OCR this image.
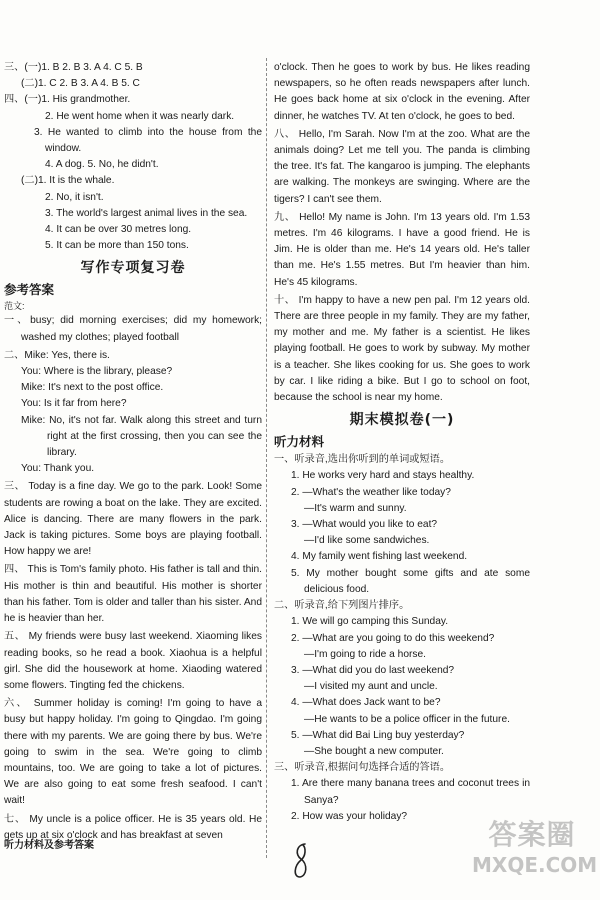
三、(一)1. B 2. B 3. A 4. C 5. B

(二)1. C 2. B 3. A 4. B 5. C

四、(一)1. His grandmother.

2. He went home when it was nearly dark.

3. He wanted to climb into the house from the window.

4. A dog. 5. No, he didn't.

(二)1. It is the whale.

2. No, it isn't.

3. The world's largest animal lives in the sea.

4. It can be over 30 metres long.

5. It can be more than 150 tons.

写作专项复习卷
参考答案

范文:

一、busy; did morning exercises; did my homework; washed my clothes; played football

二、Mike: Yes, there is.

You: Where is the library, please?

Mike: It's next to the post office.

You: Is it far from here?

Mike: No, it's not far. Walk along this street and turn right at the first crossing, then you can see the library.

You: Thank you.

三、 Today is a fine day. We go to the park. Look! Some students are rowing a boat on the lake. They are excited. Alice is dancing. There are many flowers in the park. Jack is taking pictures. Some boys are playing football. How happy we are!

四、 This is Tom's family photo. His father is tall and thin. His mother is thin and beautiful. His mother is shorter than his father. Tom is older and taller than his sister. And he is heavier than her.

五、 My friends were busy last weekend. Xiaoming likes reading books, so he read a book. Xiaohua is a helpful girl. She did the housework at home. Xiaoding watered some flowers. Tingting fed the chickens.

六、 Summer holiday is coming! I'm going to have a busy but happy holiday. I'm going to Qingdao. I'm going there with my parents. We are going there by bus. We're going to swim in the sea. We're going to climb mountains, too. We are going to take a lot of pictures. We are also going to eat some fresh seafood. I can't wait!

七、 My uncle is a police officer. He is 35 years old. He gets up at six o'clock and has breakfast at seven

o'clock. Then he goes to work by bus. He likes reading newspapers, so he often reads newspapers after lunch. He goes back home at six o'clock in the evening. After dinner, he watches TV. At ten o'clock, he goes to bed.

八、 Hello, I'm Sarah. Now I'm at the zoo. What are the animals doing? Let me tell you. The panda is climbing the tree. It's fat. The kangaroo is jumping. The elephants are walking. The monkeys are swinging. Where are the tigers? I can't see them.

九、 Hello! My name is John. I'm 13 years old. I'm 1.53 metres. I'm 46 kilograms. I have a good friend. He is Jim. He is older than me. He's 14 years old. He's taller than me. He's 1.55 metres. But I'm heavier than him. He's 45 kilograms.

十、 I'm happy to have a new pen pal. I'm 12 years old. There are three people in my family. They are my father, my mother and me. My father is a scientist. He likes playing football. He goes to work by subway. My mother is a teacher. She likes cooking for us. She goes to work by car. I like riding a bike. But I go to school on foot, because the school is near my home.

期末模拟卷(一)
听力材料

一、听录音,选出你听到的单词或短语。

1. He works very hard and stays healthy.

2. —What's the weather like today?

—It's warm and sunny.

3. —What would you like to eat?

—I'd like some sandwiches.

4. My family went fishing last weekend.

5. My mother bought some gifts and ate some delicious food.

二、听录音,给下列图片排序。

1. We will go camping this Sunday.

2. —What are you going to do this weekend?

—I'm going to ride a horse.

3. —What did you do last weekend?

—I visited my aunt and uncle.

4. —What does Jack want to be?

—He wants to be a police officer in the future.

5. —What did Bai Ling buy yesterday?

—She bought a new computer.

三、听录音,根据问句选择合适的答语。

1. Are there many banana trees and coconut trees in Sanya?

2. How was your holiday?

听力材料及参考答案	答案圈
MXQE.COM
